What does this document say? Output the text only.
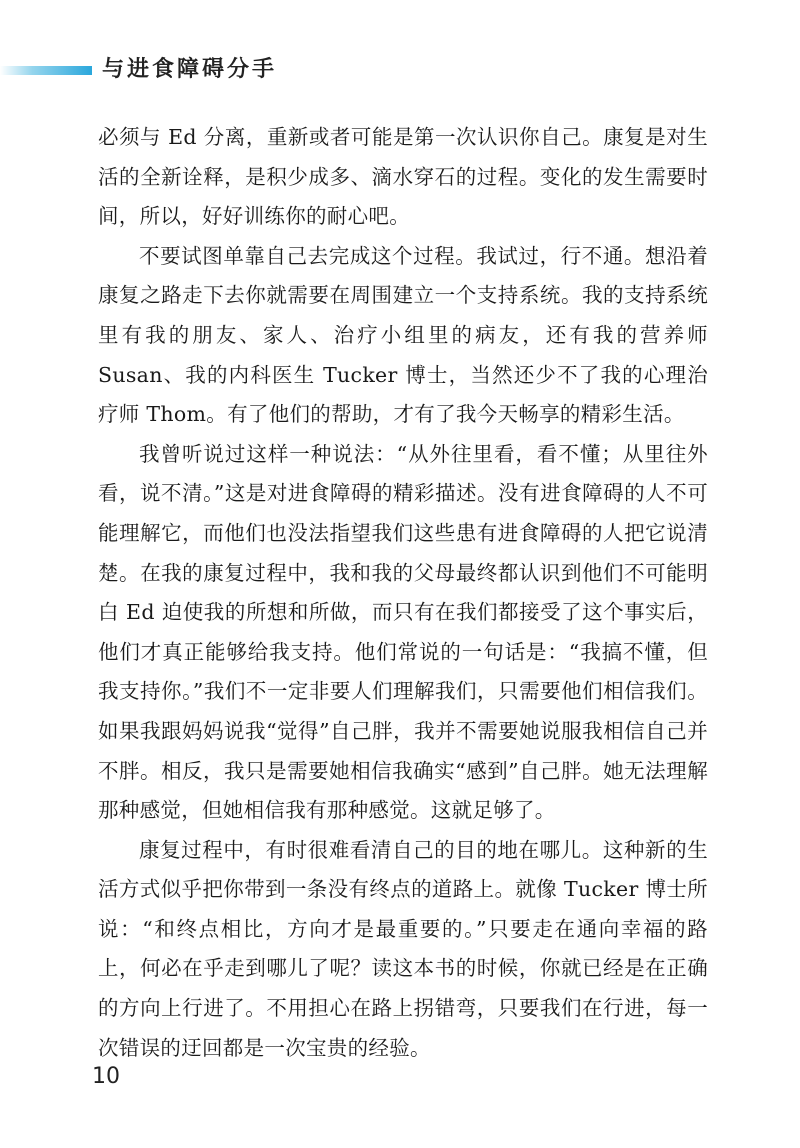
与进食障碍分手

必须与 Ed 分离，重新或者可能是第一次认识你自己。康复是对生活的全新诠释，是积少成多、滴水穿石的过程。变化的发生需要时间，所以，好好训练你的耐心吧。

不要试图单靠自己去完成这个过程。我试过，行不通。想沿着康复之路走下去你就需要在周围建立一个支持系统。我的支持系统里有我的朋友、家人、治疗小组里的病友，还有我的营养师 Susan、我的内科医生 Tucker 博士，当然还少不了我的心理治疗师 Thom。有了他们的帮助，才有了我今天畅享的精彩生活。

我曾听说过这样一种说法：“从外往里看，看不懂；从里往外看，说不清。”这是对进食障碍的精彩描述。没有进食障碍的人不可能理解它，而他们也没法指望我们这些患有进食障碍的人把它说清楚。在我的康复过程中，我和我的父母最终都认识到他们不可能明白 Ed 迫使我的所想和所做，而只有在我们都接受了这个事实后，他们才真正能够给我支持。他们常说的一句话是：“我搞不懂，但我支持你。”我们不一定非要人们理解我们，只需要他们相信我们。如果我跟妈妈说我“觉得”自己胖，我并不需要她说服我相信自己并不胖。相反，我只是需要她相信我确实“感到”自己胖。她无法理解那种感觉，但她相信我有那种感觉。这就足够了。

康复过程中，有时很难看清自己的目的地在哪儿。这种新的生活方式似乎把你带到一条没有终点的道路上。就像 Tucker 博士所说：“和终点相比，方向才是最重要的。”只要走在通向幸福的路上，何必在乎走到哪儿了呢？读这本书的时候，你就已经是在正确的方向上行进了。不用担心在路上拐错弯，只要我们在行进，每一次错误的迂回都是一次宝贵的经验。

10
